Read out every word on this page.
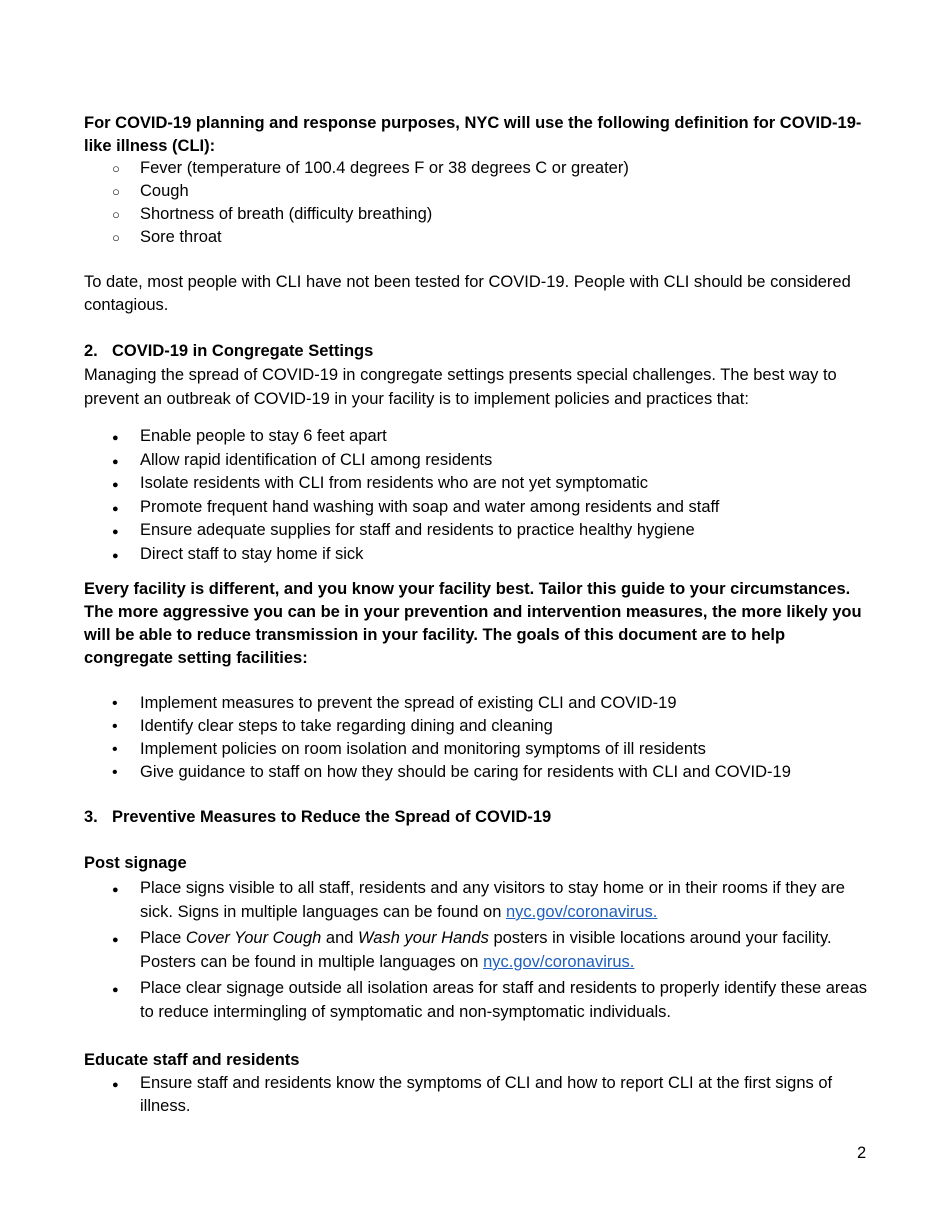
For COVID-19 planning and response purposes, NYC will use the following definition for COVID-19-like illness (CLI):
○
Fever (temperature of 100.4 degrees F or 38 degrees C or greater)
○
Cough
○
Shortness of breath (difficulty breathing)
○
Sore throat
To date, most people with CLI have not been tested for COVID-19. People with CLI should be considered contagious.
2. COVID-19 in Congregate Settings
Managing the spread of COVID-19 in congregate settings presents special challenges. The best way to prevent an outbreak of COVID-19 in your facility is to implement policies and practices that:
●
Enable people to stay 6 feet apart
●
Allow rapid identification of CLI among residents
●
Isolate residents with CLI from residents who are not yet symptomatic
●
Promote frequent hand washing with soap and water among residents and staff
●
Ensure adequate supplies for staff and residents to practice healthy hygiene
●
Direct staff to stay home if sick
Every facility is different, and you know your facility best. Tailor this guide to your circumstances. The more aggressive you can be in your prevention and intervention measures, the more likely you will be able to reduce transmission in your facility. The goals of this document are to help congregate setting facilities:
•
Implement measures to prevent the spread of existing CLI and COVID-19
•
Identify clear steps to take regarding dining and cleaning
•
Implement policies on room isolation and monitoring symptoms of ill residents
•
Give guidance to staff on how they should be caring for residents with CLI and COVID-19
3. Preventive Measures to Reduce the Spread of COVID-19
Post signage
●
Place signs visible to all staff, residents and any visitors to stay home or in their rooms if they are sick. Signs in multiple languages can be found on nyc.gov/coronavirus.
●
Place Cover Your Cough and Wash your Hands posters in visible locations around your facility. Posters can be found in multiple languages on nyc.gov/coronavirus.
●
Place clear signage outside all isolation areas for staff and residents to properly identify these areas to reduce intermingling of symptomatic and non-symptomatic individuals.
Educate staff and residents
●
Ensure staff and residents know the symptoms of CLI and how to report CLI at the first signs of illness.
2
